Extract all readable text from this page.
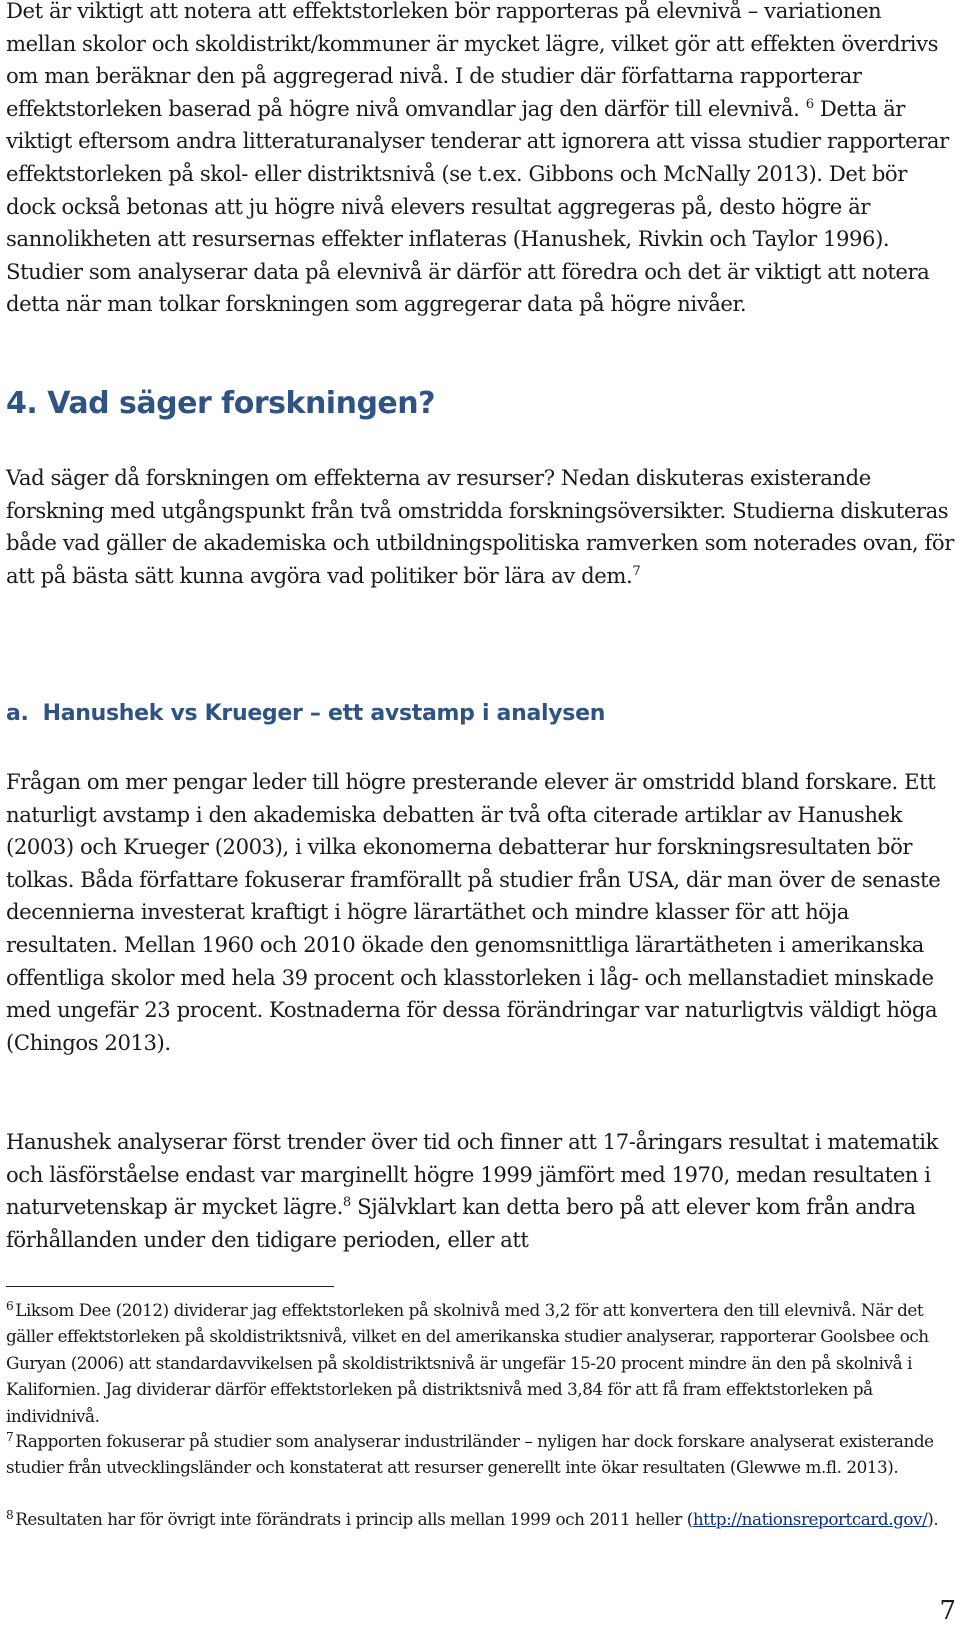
Det är viktigt att notera att effektstorleken bör rapporteras på elevnivå – variationen mellan skolor och skoldistrikt/kommuner är mycket lägre, vilket gör att effekten överdrivs om man beräknar den på aggregerad nivå. I de studier där författarna rapporterar effektstorleken baserad på högre nivå omvandlar jag den därför till elevnivå. $^6$ Detta är viktigt eftersom andra litteraturanalyser tenderar att ignorera att vissa studier rapporterar effektstorleken på skol- eller distriktsnivå (se t.ex. Gibbons och McNally 2013). Det bör dock också betonas att ju högre nivå elevers resultat aggregeras på, desto högre är sannolikheten att resursernas effekter inflateras (Hanushek, Rivkin och Taylor 1996). Studier som analyserar data på elevnivå är därför att föredra och det är viktigt att notera detta när man tolkar forskningen som aggregerar data på högre nivåer.

4. Vad säger forskningen?

Vad säger då forskningen om effekterna av resurser? Nedan diskuteras existerande forskning med utgångspunkt från två omstridda forskningsöversikter. Studierna diskuteras både vad gäller de akademiska och utbildningspolitiska ramverken som noterades ovan, för att på bästa sätt kunna avgöra vad politiker bör lära av dem.$^7$

a. Hanushek vs Krueger – ett avstamp i analysen

Frågan om mer pengar leder till högre presterande elever är omstridd bland forskare. Ett naturligt avstamp i den akademiska debatten är två ofta citerade artiklar av Hanushek (2003) och Krueger (2003), i vilka ekonomerna debatterar hur forskningsresultaten bör tolkas. Båda författare fokuserar framförallt på studier från USA, där man över de senaste decennierna investerat kraftigt i högre lärartäthet och mindre klasser för att höja resultaten. Mellan 1960 och 2010 ökade den genomsnittliga lärartätheten i amerikanska offentliga skolor med hela 39 procent och klasstorleken i låg- och mellanstadiet minskade med ungefär 23 procent. Kostnaderna för dessa förändringar var naturligtvis väldigt höga (Chingos 2013).

Hanushek analyserar först trender över tid och finner att 17-åringars resultat i matematik och läsförståelse endast var marginellt högre 1999 jämfört med 1970, medan resultaten i naturvetenskap är mycket lägre.$^8$ Självklart kan detta bero på att elever kom från andra förhållanden under den tidigare perioden, eller att

$^6$ Liksom Dee (2012) dividerar jag effektstorleken på skolnivå med 3,2 för att konvertera den till elevnivå. När det gäller effektstorleken på skoldistriktsnivå, vilket en del amerikanska studier analyserar, rapporterar Goolsbee och Guryan (2006) att standardavvikelsen på skoldistriktsnivå är ungefär 15-20 procent mindre än den på skolnivå i Kalifornien. Jag dividerar därför effektstorleken på distriktsnivå med 3,84 för att få fram effektstorleken på individnivå.

$^7$ Rapporten fokuserar på studier som analyserar industriländer – nyligen har dock forskare analyserat existerande studier från utvecklingsländer och konstaterat att resurser generellt inte ökar resultaten (Glewwe m.fl. 2013).

$^8$ Resultaten har för övrigt inte förändrats i princip alls mellan 1999 och 2011 heller (http://nationsreportcard.gov/).

7
